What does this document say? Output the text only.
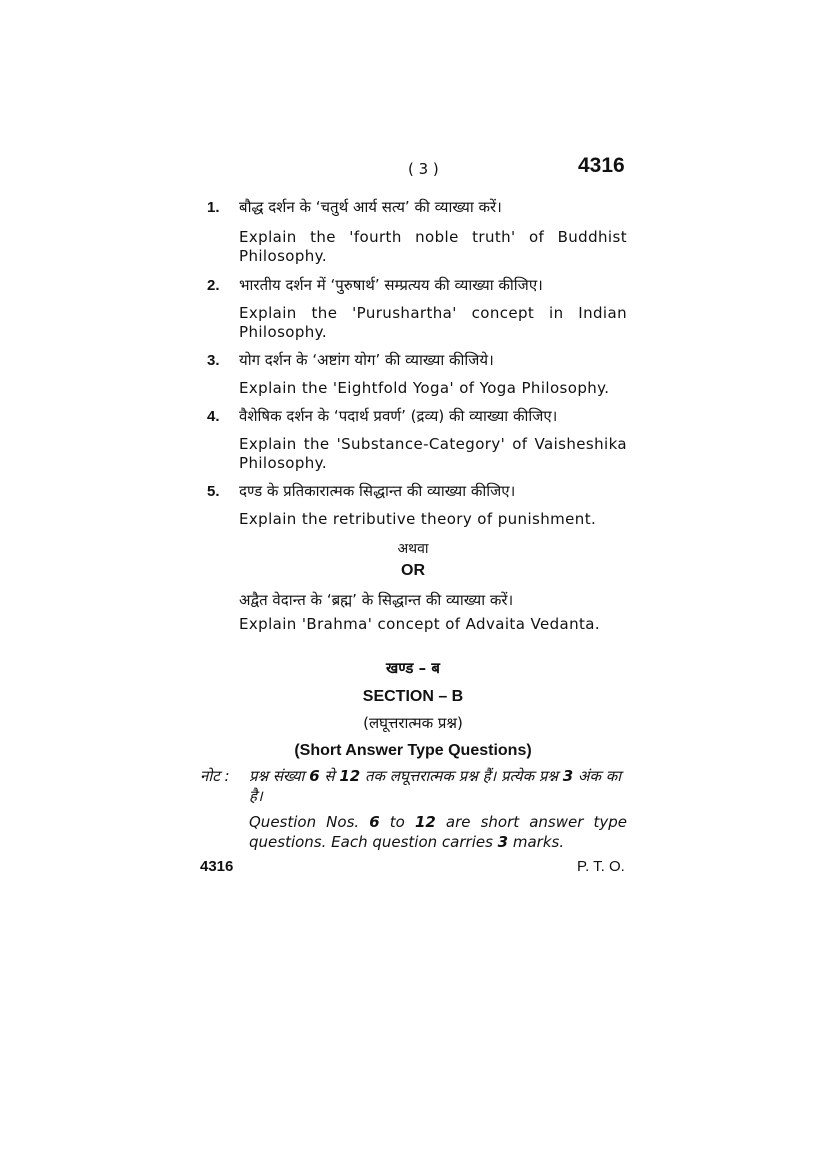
( 3 )	4316
1. बौद्ध दर्शन के ‘चतुर्थ आर्य सत्य’ की व्याख्या करें।
Explain the 'fourth noble truth' of Buddhist Philosophy.
2. भारतीय दर्शन में ‘पुरुषार्थ’ सम्प्रत्यय की व्याख्या कीजिए।
Explain the 'Purushartha' concept in Indian Philosophy.
3. योग दर्शन के ‘अष्टांग योग’ की व्याख्या कीजिये।
Explain the 'Eightfold Yoga' of Yoga Philosophy.
4. वैशेषिक दर्शन के ‘पदार्थ प्रवर्ण’ (द्रव्य) की व्याख्या कीजिए।
Explain the 'Substance-Category' of Vaisheshika Philosophy.
5. दण्ड के प्रतिकारात्मक सिद्धान्त की व्याख्या कीजिए।
Explain the retributive theory of punishment.
अथवा
OR
अद्वैत वेदान्त के ‘ब्रह्म’ के सिद्धान्त की व्याख्या करें।
Explain 'Brahma' concept of Advaita Vedanta.
खण्ड – ब
SECTION – B
(लघूत्तरात्मक प्रश्न)
(Short Answer Type Questions)
नोट : प्रश्न संख्या 6 से 12 तक लघूत्तरात्मक प्रश्न हैं। प्रत्येक प्रश्न 3 अंक का है।
Question Nos. 6 to 12 are short answer type questions. Each question carries 3 marks.
4316	P. T. O.
